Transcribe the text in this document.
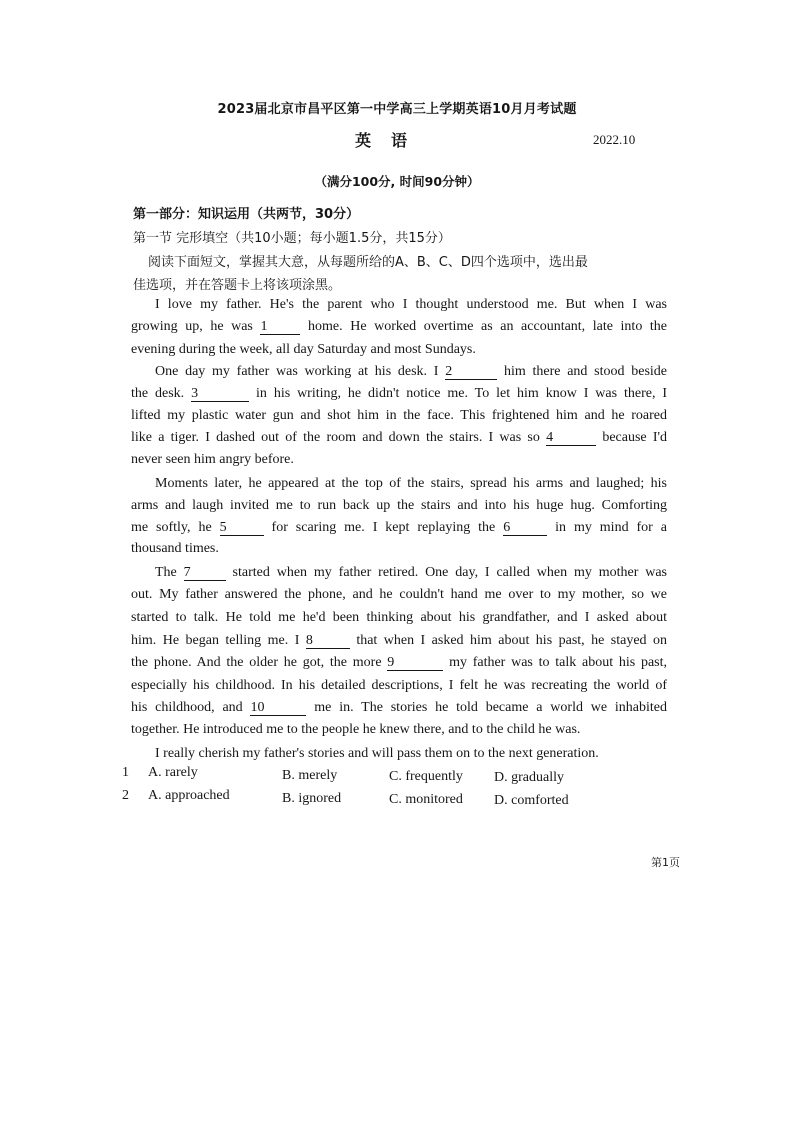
2023届北京市昌平区第一中学高三上学期英语10月月考试题
英语	2022.10
（满分100分, 时间90分钟）
第一部分：知识运用（共两节，30分）
第一节 完形填空（共10小题；每小题1.5分，共15分）
阅读下面短文，掌握其大意，从每题所给的A、B、C、D四个选项中，选出最
佳选项，并在答题卡上将该项涂黑。
I love my father. He's the parent who I thought understood me. But when I was
growing up, he was 1	home. He worked overtime as an accountant, late into the
evening during the week, all day Saturday and most Sundays.
One day my father was working at his desk. I 2	him there and stood beside
the desk. 3	in his writing, he didn't notice me. To let him know I was there, I
lifted my plastic water gun and shot him in the face. This frightened him and he roared
like a tiger. I dashed out of the room and down the stairs. I was so 4	because I'd
never seen him angry before.
Moments later, he appeared at the top of the stairs, spread his arms and laughed; his
arms and laugh invited me to run back up the stairs and into his huge hug. Comforting
me softly, he 5	for scaring me. I kept replaying the 6	in my mind for a
thousand times.
The 7	started when my father retired. One day, I called when my mother was
out. My father answered the phone, and he couldn't hand me over to my mother, so we
started to talk. He told me he'd been thinking about his grandfather, and I asked about
him. He began telling me. I 8	that when I asked him about his past, he stayed on
the phone. And the older he got, the more 9	my father was to talk about his past,
especially his childhood. In his detailed descriptions, I felt he was recreating the world of
his childhood, and 10	me in. The stories he told became a world we inhabited
together. He introduced me to the people he knew there, and to the child he was.
I really cherish my father's stories and will pass them on to the next generation.
1 A. rarely	B. merely	C. frequently D. gradually
2 A. approached	B. ignored	C. monitored D. comforted
第1页
